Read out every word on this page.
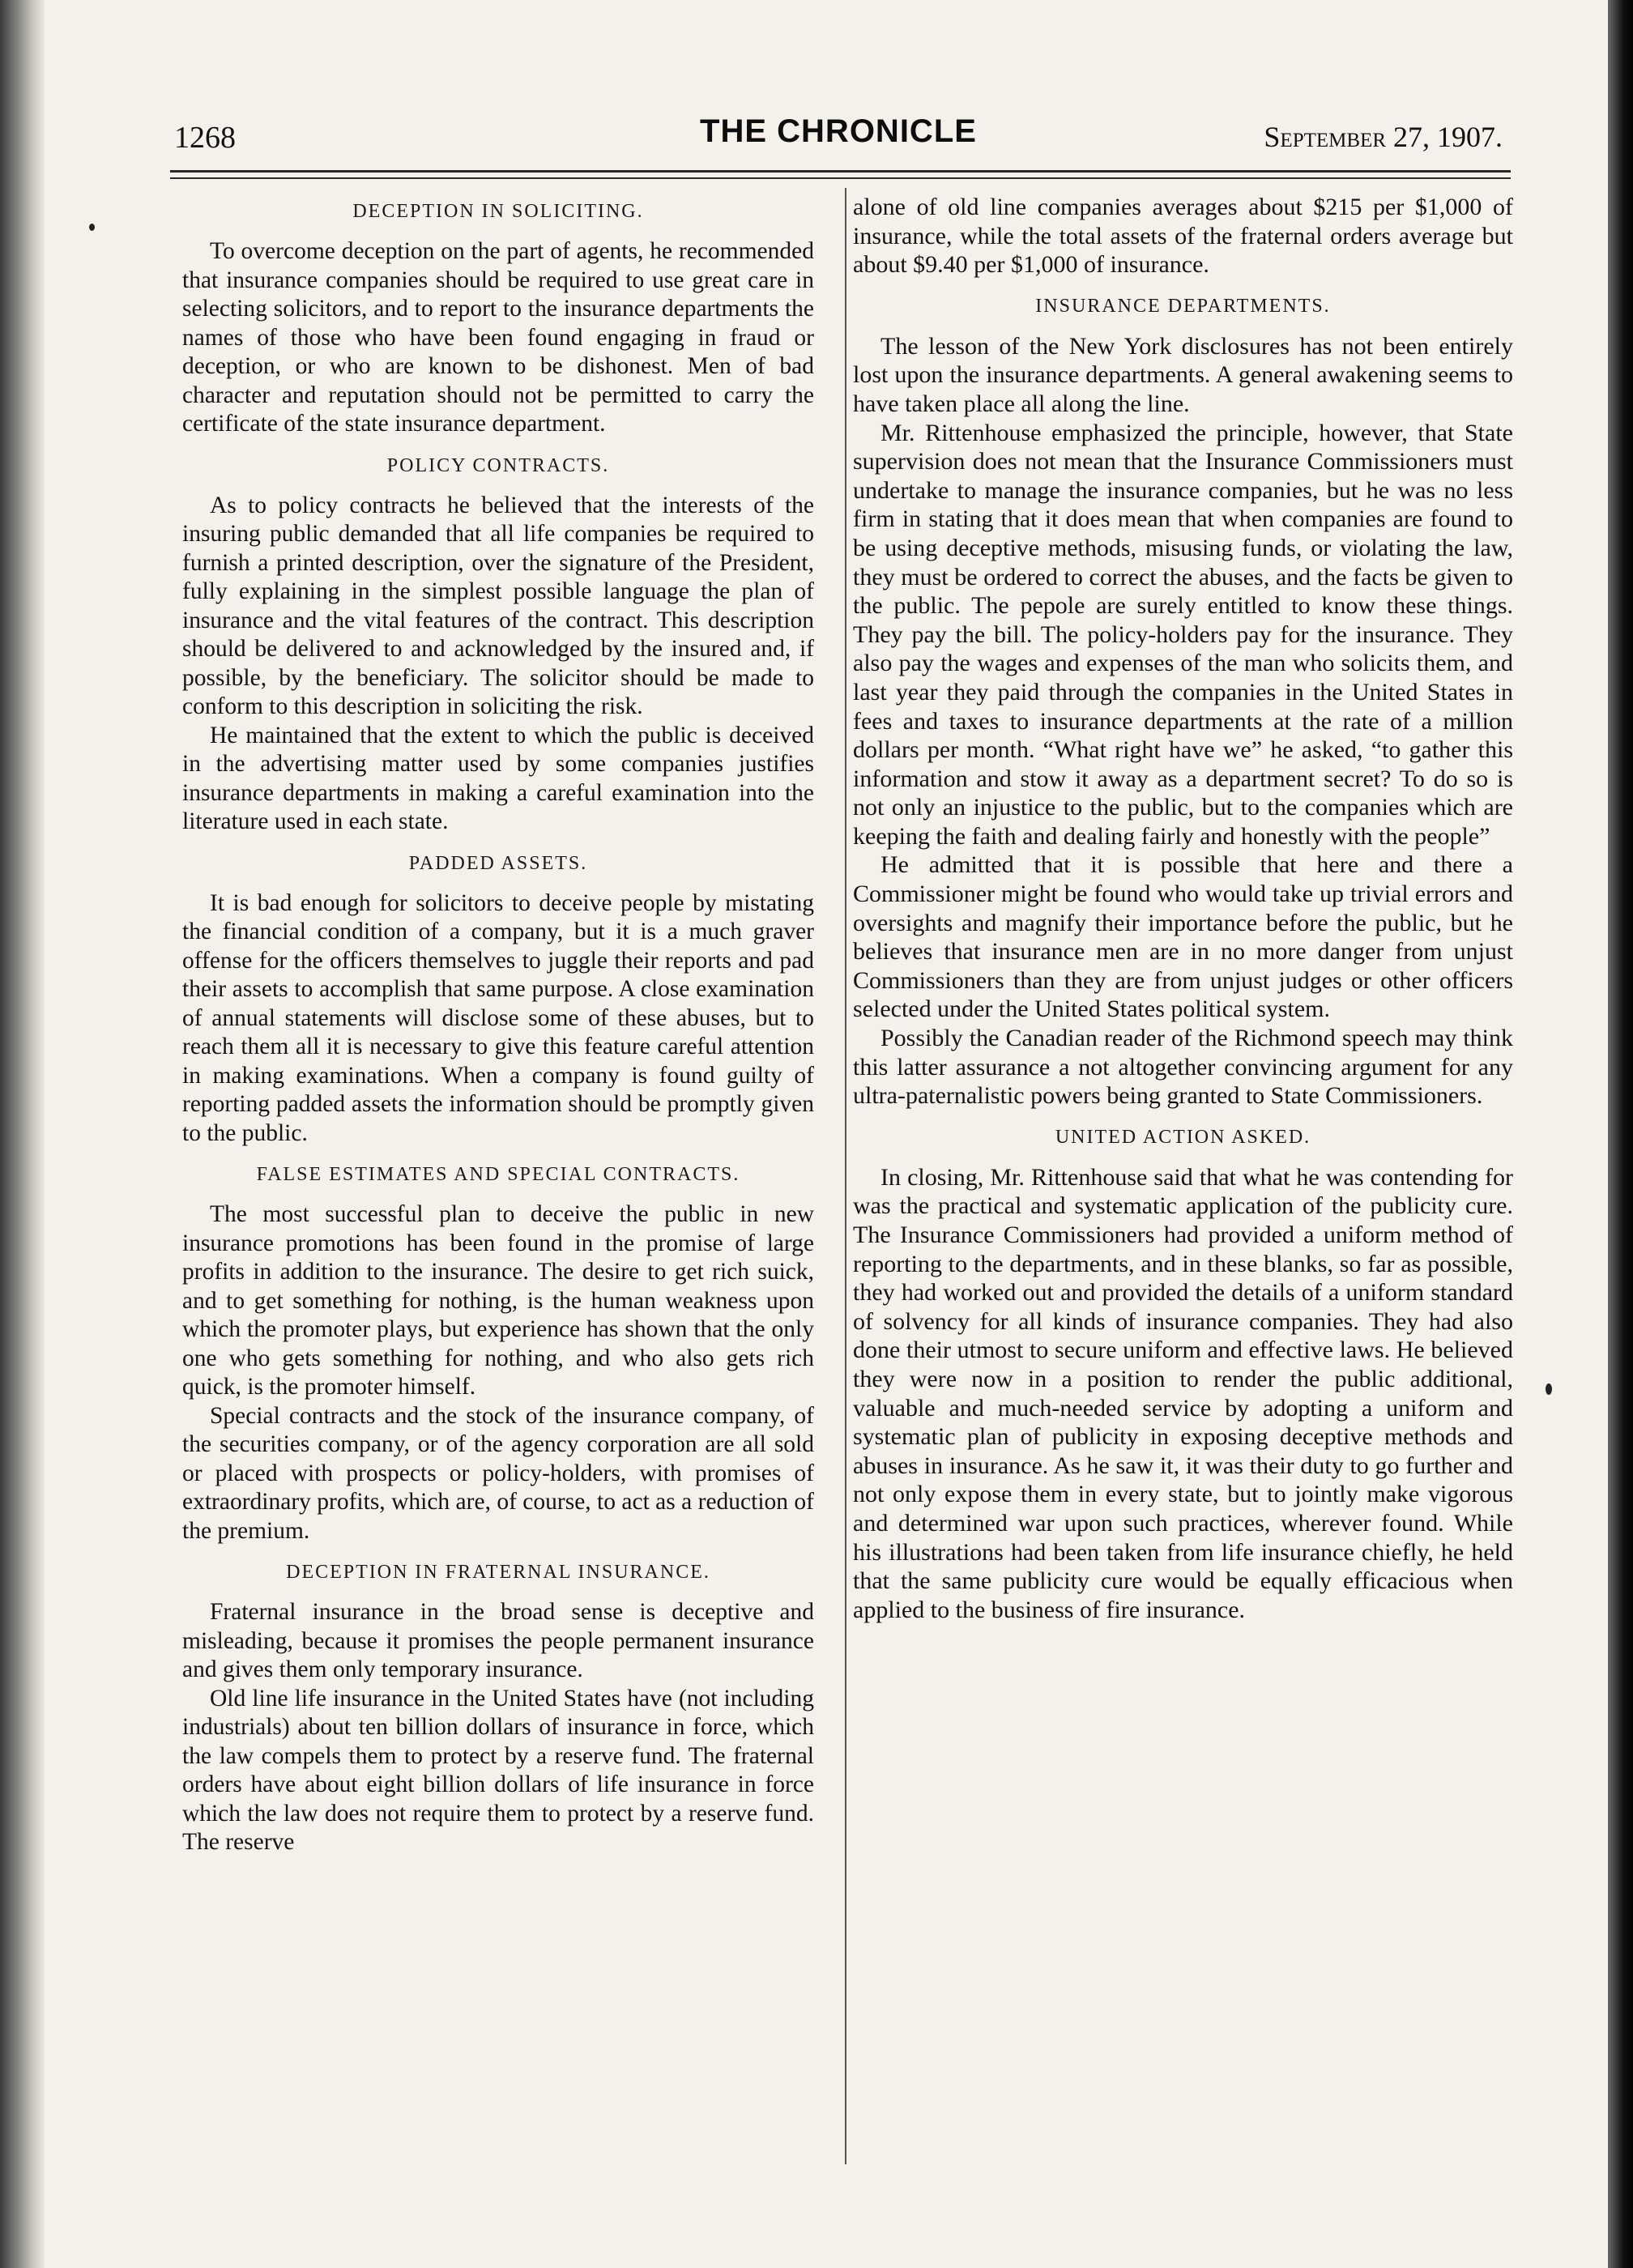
1268	THE CHRONICLE	September 27, 1907.
DECEPTION IN SOLICITING.

To overcome deception on the part of agents, he recommended that insurance companies should be required to use great care in selecting solicitors, and to report to the insurance departments the names of those who have been found engaging in fraud or deception, or who are known to be dishonest. Men of bad character and reputation should not be permitted to carry the certificate of the state insurance department.

POLICY CONTRACTS.

As to policy contracts he believed that the interests of the insuring public demanded that all life companies be required to furnish a printed description, over the signature of the President, fully explaining in the simplest possible language the plan of insurance and the vital features of the contract. This description should be delivered to and acknowledged by the insured and, if possible, by the beneficiary. The solicitor should be made to conform to this description in soliciting the risk.

He maintained that the extent to which the public is deceived in the advertising matter used by some companies justifies insurance departments in making a careful examination into the literature used in each state.

PADDED ASSETS.

It is bad enough for solicitors to deceive people by mistating the financial condition of a company, but it is a much graver offense for the officers themselves to juggle their reports and pad their assets to accomplish that same purpose. A close examination of annual statements will disclose some of these abuses, but to reach them all it is necessary to give this feature careful attention in making examinations. When a company is found guilty of reporting padded assets the information should be promptly given to the public.

FALSE ESTIMATES AND SPECIAL CONTRACTS.

The most successful plan to deceive the public in new insurance promotions has been found in the promise of large profits in addition to the insurance. The desire to get rich suick, and to get something for nothing, is the human weakness upon which the promoter plays, but experience has shown that the only one who gets something for nothing, and who also gets rich quick, is the promoter himself.

Special contracts and the stock of the insurance company, of the securities company, or of the agency corporation are all sold or placed with prospects or policy-holders, with promises of extraordinary profits, which are, of course, to act as a reduction of the premium.

DECEPTION IN FRATERNAL INSURANCE.

Fraternal insurance in the broad sense is deceptive and misleading, because it promises the people permanent insurance and gives them only temporary insurance.

Old line life insurance in the United States have (not including industrials) about ten billion dollars of insurance in force, which the law compels them to protect by a reserve fund. The fraternal orders have about eight billion dollars of life insurance in force which the law does not require them to protect by a reserve fund. The reserve

alone of old line companies averages about $215 per $1,000 of insurance, while the total assets of the fraternal orders average but about $9.40 per $1,000 of insurance.

INSURANCE DEPARTMENTS.

The lesson of the New York disclosures has not been entirely lost upon the insurance departments. A general awakening seems to have taken place all along the line.

Mr. Rittenhouse emphasized the principle, however, that State supervision does not mean that the Insurance Commissioners must undertake to manage the insurance companies, but he was no less firm in stating that it does mean that when companies are found to be using deceptive methods, misusing funds, or violating the law, they must be ordered to correct the abuses, and the facts be given to the public. The pepole are surely entitled to know these things. They pay the bill. The policy-holders pay for the insurance. They also pay the wages and expenses of the man who solicits them, and last year they paid through the companies in the United States in fees and taxes to insurance departments at the rate of a million dollars per month. “What right have we” he asked, “to gather this information and stow it away as a department secret? To do so is not only an injustice to the public, but to the companies which are keeping the faith and dealing fairly and honestly with the people”

He admitted that it is possible that here and there a Commissioner might be found who would take up trivial errors and oversights and magnify their importance before the public, but he believes that insurance men are in no more danger from unjust Commissioners than they are from unjust judges or other officers selected under the United States political system.

Possibly the Canadian reader of the Richmond speech may think this latter assurance a not altogether convincing argument for any ultra-paternalistic powers being granted to State Commissioners.

UNITED ACTION ASKED.

In closing, Mr. Rittenhouse said that what he was contending for was the practical and systematic application of the publicity cure. The Insurance Commissioners had provided a uniform method of reporting to the departments, and in these blanks, so far as possible, they had worked out and provided the details of a uniform standard of solvency for all kinds of insurance companies. They had also done their utmost to secure uniform and effective laws. He believed they were now in a position to render the public additional, valuable and much-needed service by adopting a uniform and systematic plan of publicity in exposing deceptive methods and abuses in insurance. As he saw it, it was their duty to go further and not only expose them in every state, but to jointly make vigorous and determined war upon such practices, wherever found. While his illustrations had been taken from life insurance chiefly, he held that the same publicity cure would be equally efficacious when applied to the business of fire insurance.
